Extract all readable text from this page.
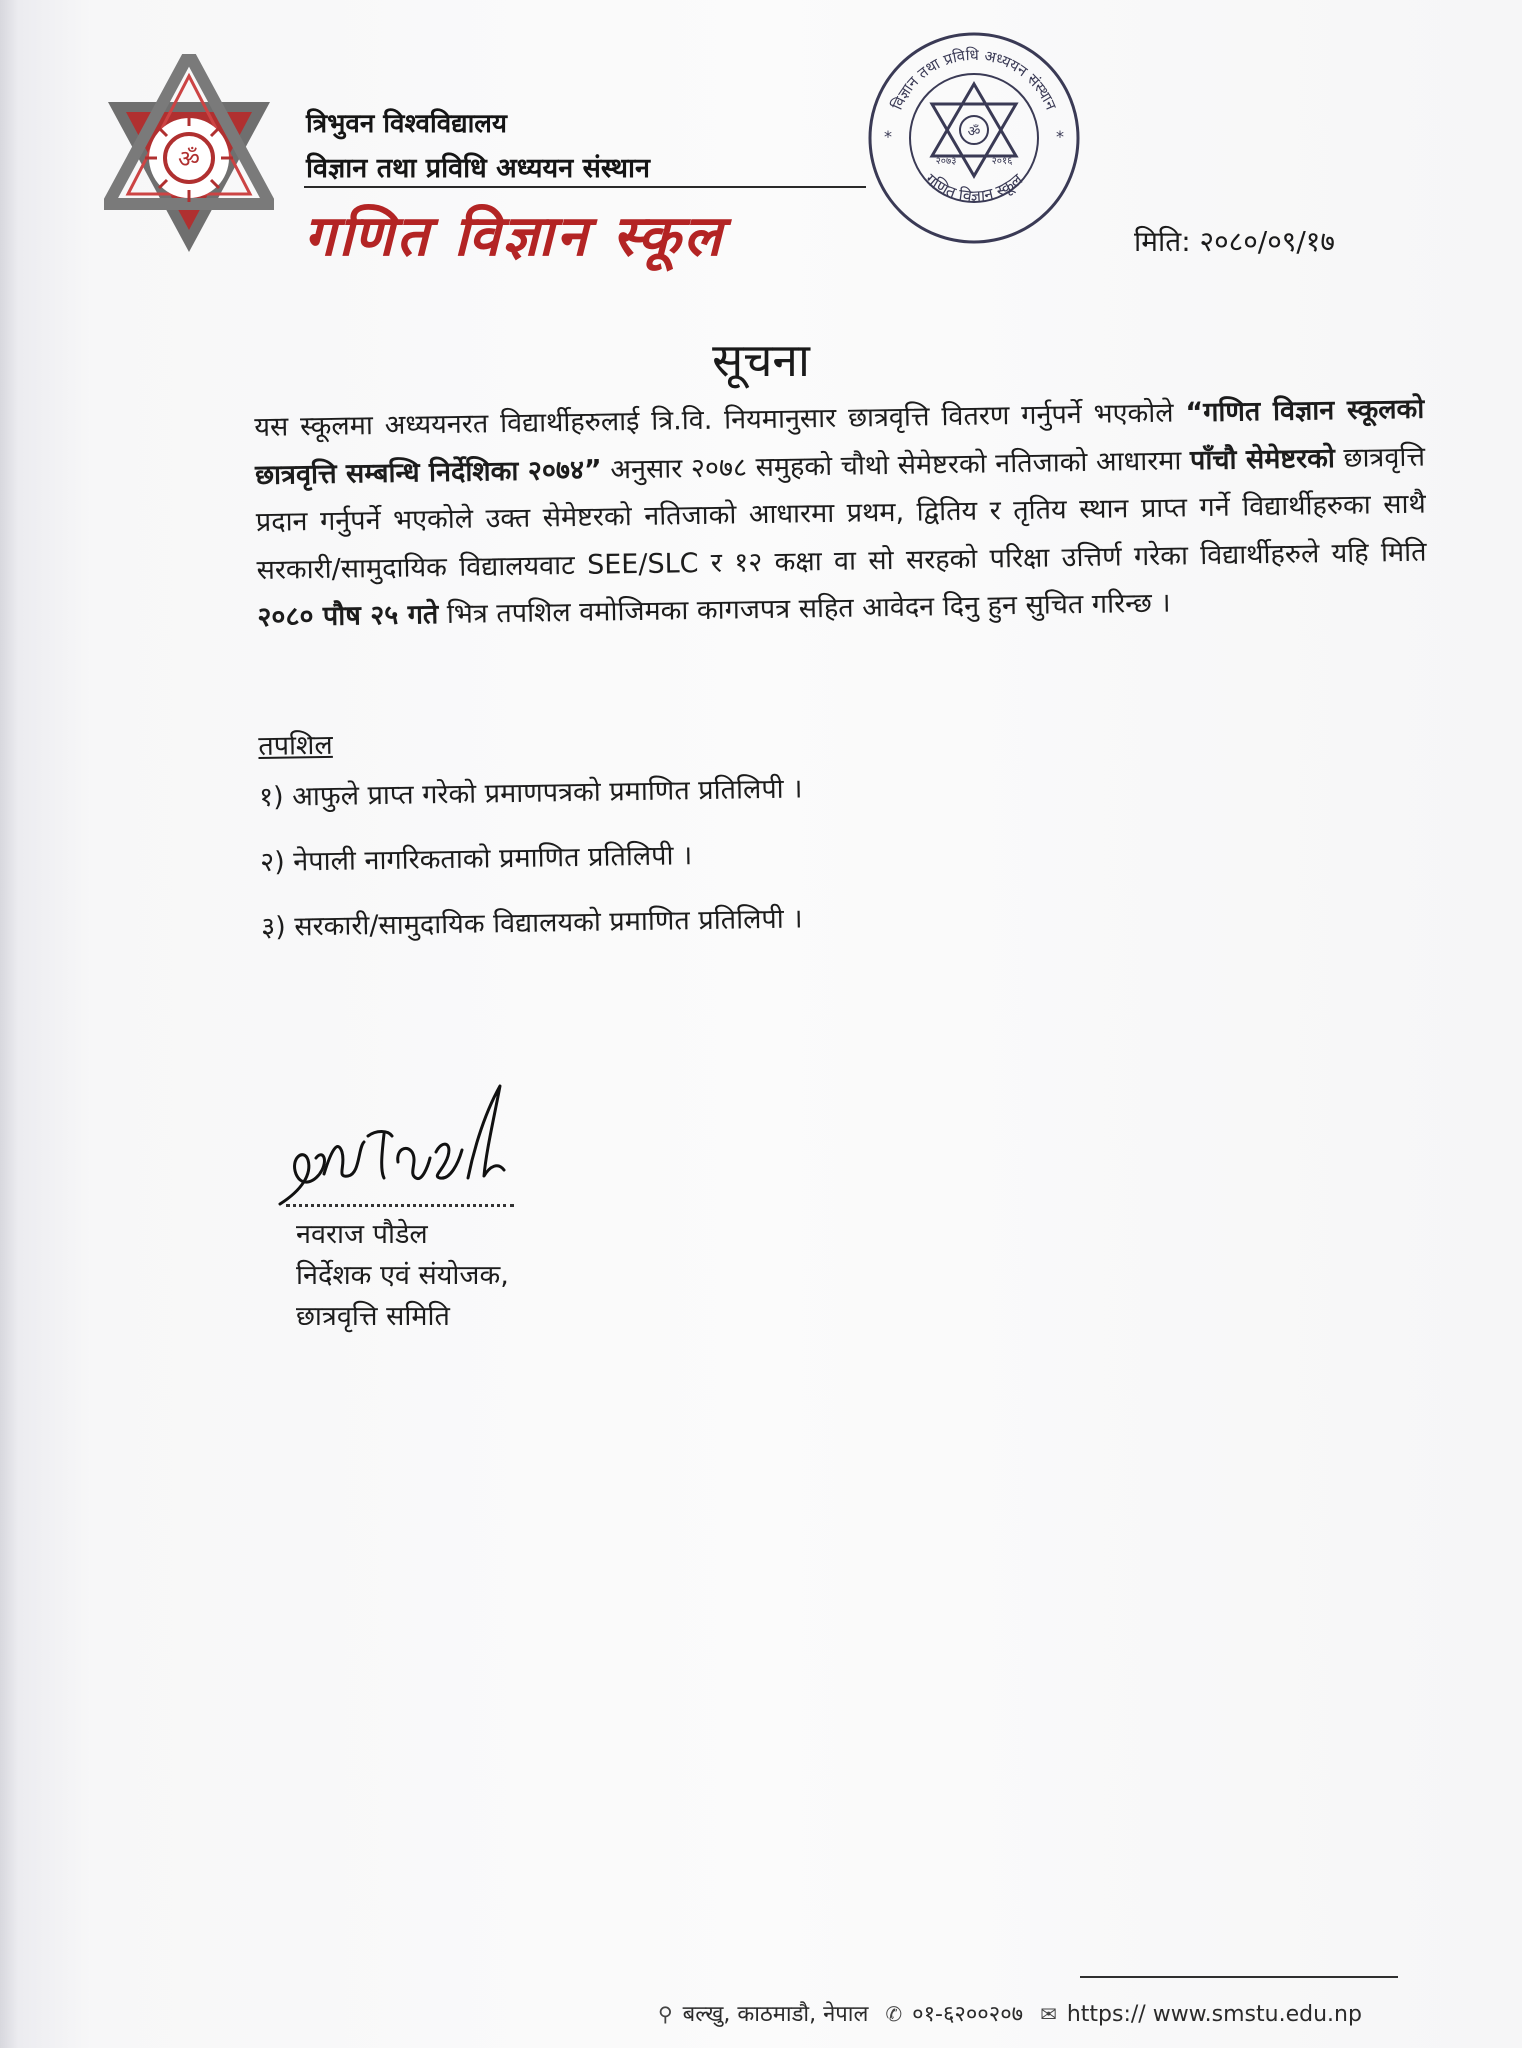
ॐ
त्रिभुवन विश्वविद्यालय
विज्ञान तथा प्रविधि अध्ययन संस्थान
गणित विज्ञान स्कूल
विज्ञान तथा प्रविधि अध्ययन संस्थान
गणित विज्ञान स्कूल
*	*
ॐ
२०७३	२०१६
मिति: २०८०/०९/१७
सूचना
यस स्कूलमा अध्ययनरत विद्यार्थीहरुलाई त्रि.वि. नियमानुसार छात्रवृत्ति वितरण गर्नुपर्ने भएकोले “गणित विज्ञान स्कूलको छात्रवृत्ति सम्बन्धि निर्देशिका २०७४” अनुसार २०७८ समुहको चौथो सेमेष्टरको नतिजाको आधारमा पाँचौ सेमेष्टरको छात्रवृत्ति प्रदान गर्नुपर्ने भएकोले उक्त सेमेष्टरको नतिजाको आधारमा प्रथम, द्वितिय र तृतिय स्थान प्राप्त गर्ने विद्यार्थीहरुका साथै सरकारी/सामुदायिक विद्यालयवाट SEE/SLC र १२ कक्षा वा सो सरहको परिक्षा उत्तिर्ण गरेका विद्यार्थीहरुले यहि मिति २०८० पौष २५ गते भित्र तपशिल वमोजिमका कागजपत्र सहित आवेदन दिनु हुन सुचित गरिन्छ ।
तपशिल
१) आफुले प्राप्त गरेको प्रमाणपत्रको प्रमाणित प्रतिलिपी ।
२) नेपाली नागरिकताको प्रमाणित प्रतिलिपी ।
३) सरकारी/सामुदायिक विद्यालयको प्रमाणित प्रतिलिपी ।
नवराज पौडेल
निर्देशक एवं संयोजक,
छात्रवृत्ति समिति
⚲ बल्खु, काठमाडौ, नेपाल ✆ ०१-६२००२०७ ✉ https:// www.smstu.edu.np
